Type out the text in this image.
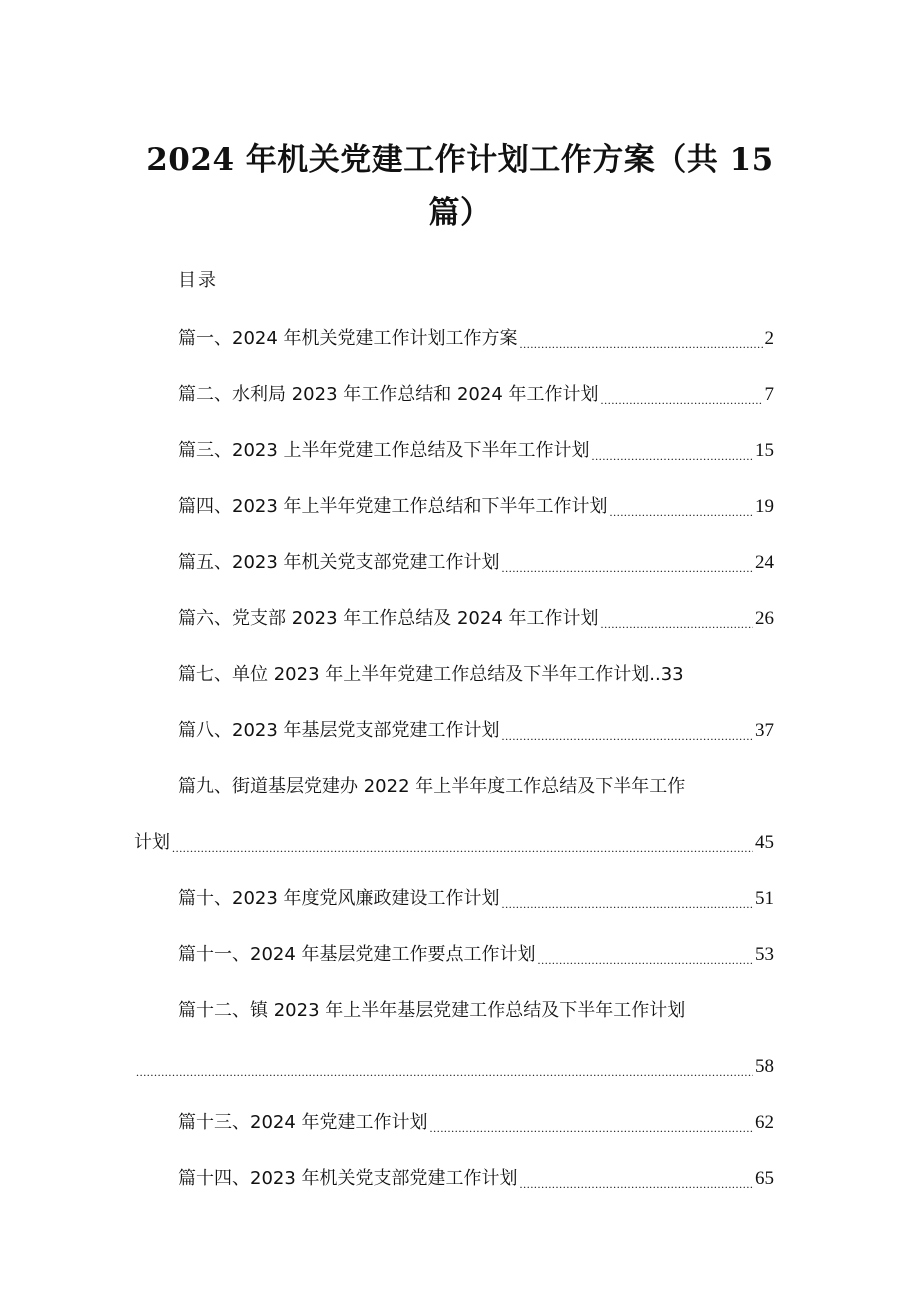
2024 年机关党建工作计划工作方案（共 15
篇）
目录
篇一、2024 年机关党建工作计划工作方案 .....	2
篇二、水利局 2023 年工作总结和 2024 年工作计划 .....	7
篇三、2023 上半年党建工作总结及下半年工作计划 .....	15
篇四、2023 年上半年党建工作总结和下半年工作计划 .....	19
篇五、2023 年机关党支部党建工作计划 .....	24
篇六、党支部 2023 年工作总结及 2024 年工作计划 .....	26
篇七、单位 2023 年上半年党建工作总结及下半年工作计划..33
篇八、2023 年基层党支部党建工作计划 .....	37
篇九、街道基层党建办 2022 年上半年度工作总结及下半年工作
计划 .....	45
篇十、2023 年度党风廉政建设工作计划 .....	51
篇十一、2024 年基层党建工作要点工作计划 .....	53
篇十二、镇 2023 年上半年基层党建工作总结及下半年工作计划
.....
58
篇十三、2024 年党建工作计划 .....	62
篇十四、2023 年机关党支部党建工作计划 .....	65
